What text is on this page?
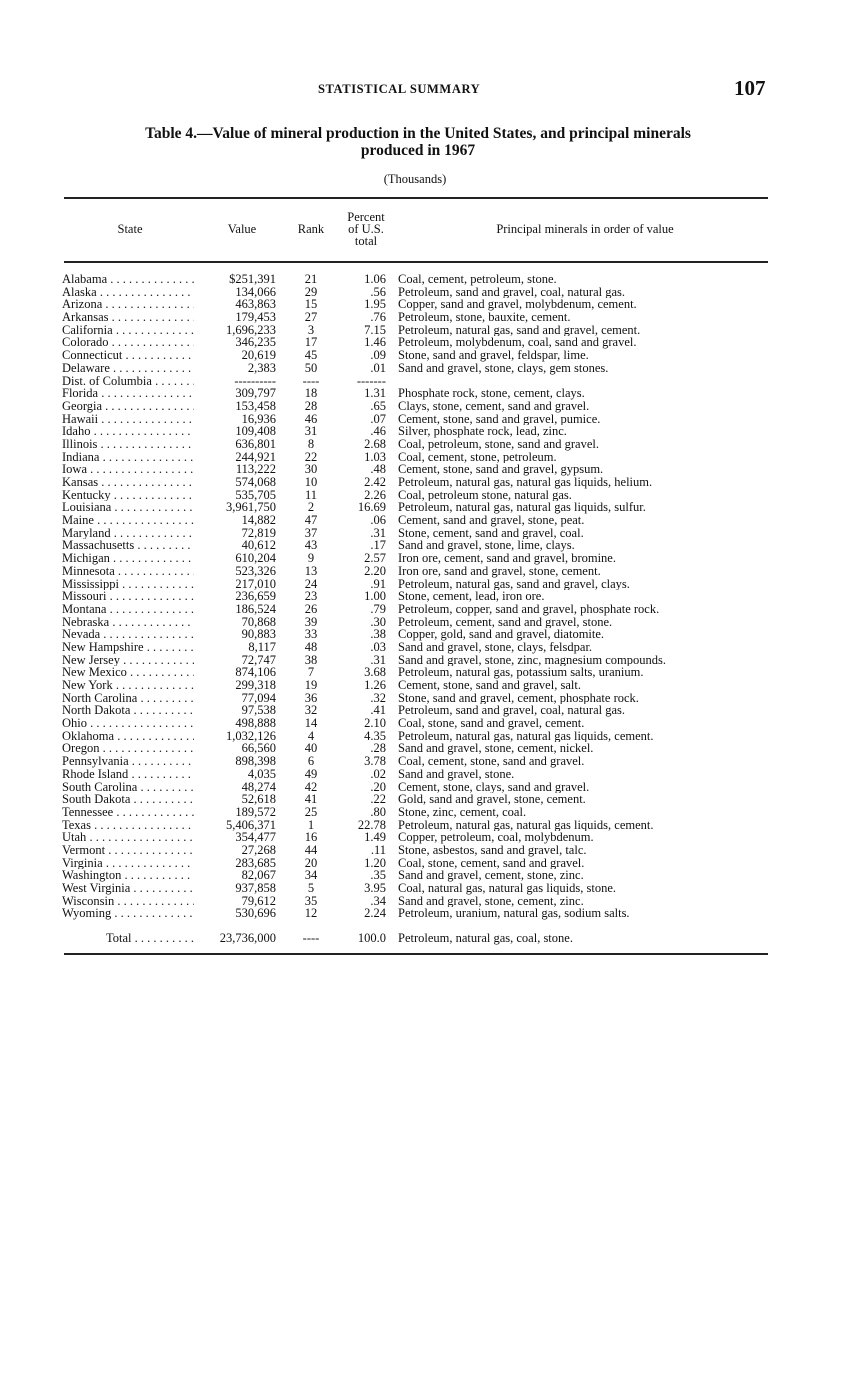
STATISTICAL SUMMARY	107
Table 4.—Value of mineral production in the United States, and principal minerals
produced in 1967
(Thousands)
State	Value	Rank
Percent
of U.S.
total
Principal minerals in order of value
Alabama . . .	$251,391	21	1.06 Coal, cement, petroleum, stone.
Alaska . . .	134,066	29	.56 Petroleum, sand and gravel, coal, natural gas.
Arizona . . .	463,863	15	1.95 Copper, sand and gravel, molybdenum, cement.
Arkansas . . .	179,453	27	.76 Petroleum, stone, bauxite, cement.
California . . .	1,696,233	3	7.15 Petroleum, natural gas, sand and gravel, cement.
Colorado . . .	346,235	17	1.46 Petroleum, molybdenum, coal, sand and gravel.
Connecticut . . .	20,619	45	.09 Stone, sand and gravel, feldspar, lime.
Delaware . . .	2,383	50	.01 Sand and gravel, stone, clays, gem stones.
Dist. of Columbia . . .	----------	----	-------
Florida . . .	309,797	18	1.31 Phosphate rock, stone, cement, clays.
Georgia . . .	153,458	28	.65 Clays, stone, cement, sand and gravel.
Hawaii . . .	16,936	46	.07 Cement, stone, sand and gravel, pumice.
Idaho . . .	109,408	31	.46 Silver, phosphate rock, lead, zinc.
Illinois . . .	636,801	8	2.68 Coal, petroleum, stone, sand and gravel.
Indiana . . .	244,921	22	1.03 Coal, cement, stone, petroleum.
Iowa . . .	113,222	30	.48 Cement, stone, sand and gravel, gypsum.
Kansas . . .	574,068	10	2.42 Petroleum, natural gas, natural gas liquids, helium.
Kentucky . . .	535,705	11	2.26 Coal, petroleum stone, natural gas.
Louisiana . . .	3,961,750	2	16.69 Petroleum, natural gas, natural gas liquids, sulfur.
Maine . . .	14,882	47	.06 Cement, sand and gravel, stone, peat.
Maryland . . .	72,819	37	.31 Stone, cement, sand and gravel, coal.
Massachusetts . . .	40,612	43	.17 Sand and gravel, stone, lime, clays.
Michigan . . .	610,204	9	2.57 Iron ore, cement, sand and gravel, bromine.
Minnesota . . .	523,326	13	2.20 Iron ore, sand and gravel, stone, cement.
Mississippi . . .	217,010	24	.91 Petroleum, natural gas, sand and gravel, clays.
Missouri . . .	236,659	23	1.00 Stone, cement, lead, iron ore.
Montana . . .	186,524	26	.79 Petroleum, copper, sand and gravel, phosphate rock.
Nebraska . . .	70,868	39	.30 Petroleum, cement, sand and gravel, stone.
Nevada . . .	90,883	33	.38 Copper, gold, sand and gravel, diatomite.
New Hampshire . . .	8,117	48	.03 Sand and gravel, stone, clays, felsdpar.
New Jersey . . .	72,747	38	.31 Sand and gravel, stone, zinc, magnesium compounds.
New Mexico . . .	874,106	7	3.68 Petroleum, natural gas, potassium salts, uranium.
New York . . .	299,318	19	1.26 Cement, stone, sand and gravel, salt.
North Carolina . . .	77,094	36	.32 Stone, sand and gravel, cement, phosphate rock.
North Dakota . . .	97,538	32	.41 Petroleum, sand and gravel, coal, natural gas.
Ohio . . .	498,888	14	2.10 Coal, stone, sand and gravel, cement.
Oklahoma . . .	1,032,126	4	4.35 Petroleum, natural gas, natural gas liquids, cement.
Oregon . . .	66,560	40	.28 Sand and gravel, stone, cement, nickel.
Pennsylvania . . .	898,398	6	3.78 Coal, cement, stone, sand and gravel.
Rhode Island . . .	4,035	49	.02 Sand and gravel, stone.
South Carolina . . .	48,274	42	.20 Cement, stone, clays, sand and gravel.
South Dakota . . .	52,618	41	.22 Gold, sand and gravel, stone, cement.
Tennessee . . .	189,572	25	.80 Stone, zinc, cement, coal.
Texas . . .	5,406,371	1	22.78 Petroleum, natural gas, natural gas liquids, cement.
Utah . . .	354,477	16	1.49 Copper, petroleum, coal, molybdenum.
Vermont . . .	27,268	44	.11 Stone, asbestos, sand and gravel, talc.
Virginia . . .	283,685	20	1.20 Coal, stone, cement, sand and gravel.
Washington . . .	82,067	34	.35 Sand and gravel, cement, stone, zinc.
West Virginia . . .	937,858	5	3.95 Coal, natural gas, natural gas liquids, stone.
Wisconsin . . .	79,612	35	.34 Sand and gravel, stone, cement, zinc.
Wyoming . . .	530,696	12	2.24 Petroleum, uranium, natural gas, sodium salts.
Total . . .	23,736,000	----	100.0 Petroleum, natural gas, coal, stone.
